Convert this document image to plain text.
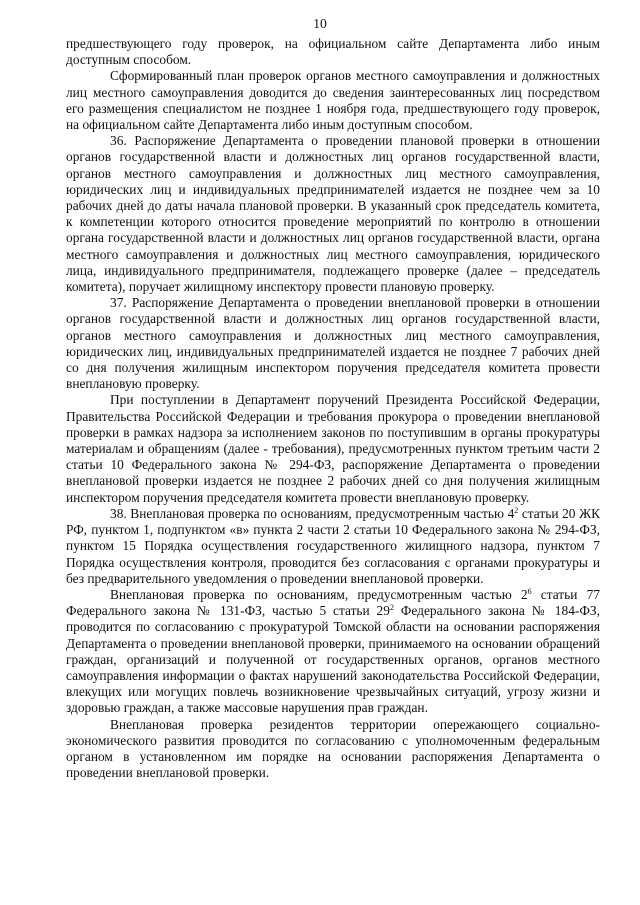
10

предшествующего году проверок, на официальном сайте Департамента либо иным доступным способом.

Сформированный план проверок органов местного самоуправления и должностных лиц местного самоуправления доводится до сведения заинтересованных лиц посредством его размещения специалистом не позднее 1 ноября года, предшествующего году проверок, на официальном сайте Департамента либо иным доступным способом.

36. Распоряжение Департамента о проведении плановой проверки в отношении органов государственной власти и должностных лиц органов государственной власти, органов местного самоуправления и должностных лиц местного самоуправления, юридических лиц и индивидуальных предпринимателей издается не позднее чем за 10 рабочих дней до даты начала плановой проверки. В указанный срок председатель комитета, к компетенции которого относится проведение мероприятий по контролю в отношении органа государственной власти и должностных лиц органов государственной власти, органа местного самоуправления и должностных лиц местного самоуправления, юридического лица, индивидуального предпринимателя, подлежащего проверке (далее – председатель комитета), поручает жилищному инспектору провести плановую проверку.

37. Распоряжение Департамента о проведении внеплановой проверки в отношении органов государственной власти и должностных лиц органов государственной власти, органов местного самоуправления и должностных лиц местного самоуправления, юридических лиц, индивидуальных предпринимателей издается не позднее 7 рабочих дней со дня получения жилищным инспектором поручения председателя комитета провести внеплановую проверку.

При поступлении в Департамент поручений Президента Российской Федерации, Правительства Российской Федерации и требования прокурора о проведении внеплановой проверки в рамках надзора за исполнением законов по поступившим в органы прокуратуры материалам и обращениям (далее - требования), предусмотренных пунктом третьим части 2 статьи 10 Федерального закона № 294-ФЗ, распоряжение Департамента о проведении внеплановой проверки издается не позднее 2 рабочих дней со дня получения жилищным инспектором поручения председателя комитета провести внеплановую проверку.

38. Внеплановая проверка по основаниям, предусмотренным частью $4^2$ статьи 20 ЖК РФ, пунктом 1, подпунктом «в» пункта 2 части 2 статьи 10 Федерального закона № 294-ФЗ, пунктом 15 Порядка осуществления государственного жилищного надзора, пунктом 7 Порядка осуществления контроля, проводится без согласования с органами прокуратуры и без предварительного уведомления о проведении внеплановой проверки.

Внеплановая проверка по основаниям, предусмотренным частью $2^6$ статьи 77 Федерального закона № 131-ФЗ, частью 5 статьи $29^2$ Федерального закона № 184-ФЗ, проводится по согласованию с прокуратурой Томской области на основании распоряжения Департамента о проведении внеплановой проверки, принимаемого на основании обращений граждан, организаций и полученной от государственных органов, органов местного самоуправления информации о фактах нарушений законодательства Российской Федерации, влекущих или могущих повлечь возникновение чрезвычайных ситуаций, угрозу жизни и здоровью граждан, а также массовые нарушения прав граждан.

Внеплановая проверка резидентов территории опережающего социально-экономического развития проводится по согласованию с уполномоченным федеральным органом в установленном им порядке на основании распоряжения Департамента о проведении внеплановой проверки.
